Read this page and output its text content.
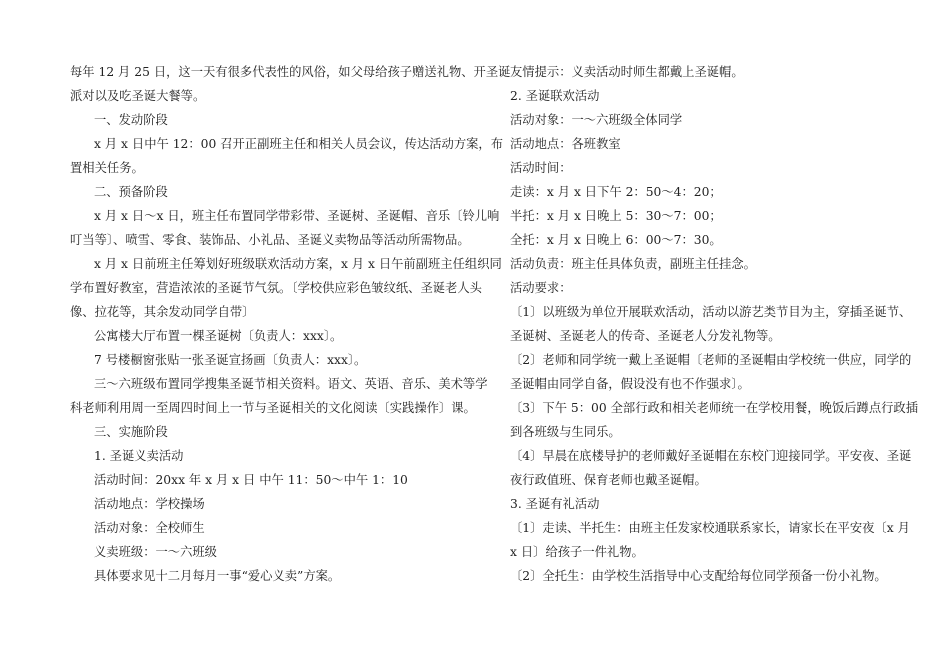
每年 12 月 25 日，这一天有很多代表性的风俗，如父母给孩子赠送礼物、开圣诞

派对以及吃圣诞大餐等。

一、发动阶段

x 月 x 日中午 12：00 召开正副班主任和相关人员会议，传达活动方案，布

置相关任务。

二、预备阶段

x 月 x 日～x 日，班主任布置同学带彩带、圣诞树、圣诞帽、音乐〔铃儿响

叮当等〕、喷雪、零食、装饰品、小礼品、圣诞义卖物品等活动所需物品。

x 月 x 日前班主任筹划好班级联欢活动方案，x 月 x 日午前副班主任组织同

学布置好教室，营造浓浓的圣诞节气氛。〔学校供应彩色皱纹纸、圣诞老人头

像、拉花等，其余发动同学自带〕

公寓楼大厅布置一棵圣诞树〔负责人：xxx〕。

7 号楼橱窗张贴一张圣诞宣扬画〔负责人：xxx〕。

三～六班级布置同学搜集圣诞节相关资料。语文、英语、音乐、美术等学

科老师利用周一至周四时间上一节与圣诞相关的文化阅读〔实践操作〕课。

三、实施阶段

1. 圣诞义卖活动

活动时间：20xx 年 x 月 x 日 中午 11：50～中午 1：10

活动地点：学校操场

活动对象：全校师生

义卖班级：一～六班级

具体要求见十二月每月一事“爱心义卖”方案。

友情提示：义卖活动时师生都戴上圣诞帽。

2. 圣诞联欢活动

活动对象：一～六班级全体同学

活动地点：各班教室

活动时间：

走读：x 月 x 日下午 2：50～4：20；

半托：x 月 x 日晚上 5：30～7：00；

全托：x 月 x 日晚上 6：00～7：30。

活动负责：班主任具体负责，副班主任挂念。

活动要求：

〔1〕以班级为单位开展联欢活动，活动以游艺类节目为主，穿插圣诞节、

圣诞树、圣诞老人的传奇、圣诞老人分发礼物等。

〔2〕老师和同学统一戴上圣诞帽〔老师的圣诞帽由学校统一供应，同学的

圣诞帽由同学自备，假设没有也不作强求〕。

〔3〕下午 5：00 全部行政和相关老师统一在学校用餐，晚饭后蹲点行政插

到各班级与生同乐。

〔4〕早晨在底楼导护的老师戴好圣诞帽在东校门迎接同学。平安夜、圣诞

夜行政值班、保育老师也戴圣诞帽。

3. 圣诞有礼活动

〔1〕走读、半托生：由班主任发家校通联系家长，请家长在平安夜〔x 月

x 日〕给孩子一件礼物。

〔2〕全托生：由学校生活指导中心支配给每位同学预备一份小礼物。
